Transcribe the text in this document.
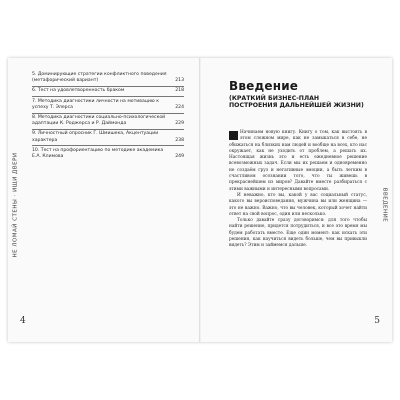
НЕ ЛОМАЙ СТЕНЫ · ИЩИ ДВЕРИ
5. Доминирующие стратегии конфликтного поведения (метафорический вариант)	213
6. Тест на удовлетворенность браком	218
7. Методика диагностики личности на мотивацию к успеху Т. Элерса	224
8. Методика диагностики социально-психологической адаптации К. Роджерса и Р. Даймонда	229
9. Личностный опросник Г. Шмишека, Акцентуации характера	238
10. Тест на профориентацию по методике академика Е.А. Климова	249
4
Введение
(КРАТКИЙ БИЗНЕС-ПЛАН ПОСТРОЕНИЯ ДАЛЬНЕЙШЕЙ ЖИЗНИ)

Начинаем новую книгу. Книгу о том, как выстоять в этом сложном мире, как не замыкаться в себе, не обижаться на близких нам людей и вообще на всех, кто нас окружает, как не уходить от проблем, а решать их. Настоящая жизнь это и есть ежедневное решение всевозможных задач. Если мы их решаем и одновременно не создаём груз и негативные эмоции, а быть легким в счастливом осознании того, что ты живешь в прекраснейшем из миров? Давайте вместе разбираться с этими важными и интересными вопросами.

И неважно, кто вы, какой у вас социальный статус, какого вы вероисповедания, мужчина вы или женщина — это не важно. Важно, что вы человек, который хочет найти ответ на свой вопрос, один или несколько.

Только давайте сразу договоримся: для того чтобы найти решение, придется потрудиться, и все это время мы будем работать вместе. Еще один момент: как искать эти решения, как научиться видеть больше, чем вы привыкли видеть? Этим и займемся дальше.

ВВЕДЕНИЕ
5
